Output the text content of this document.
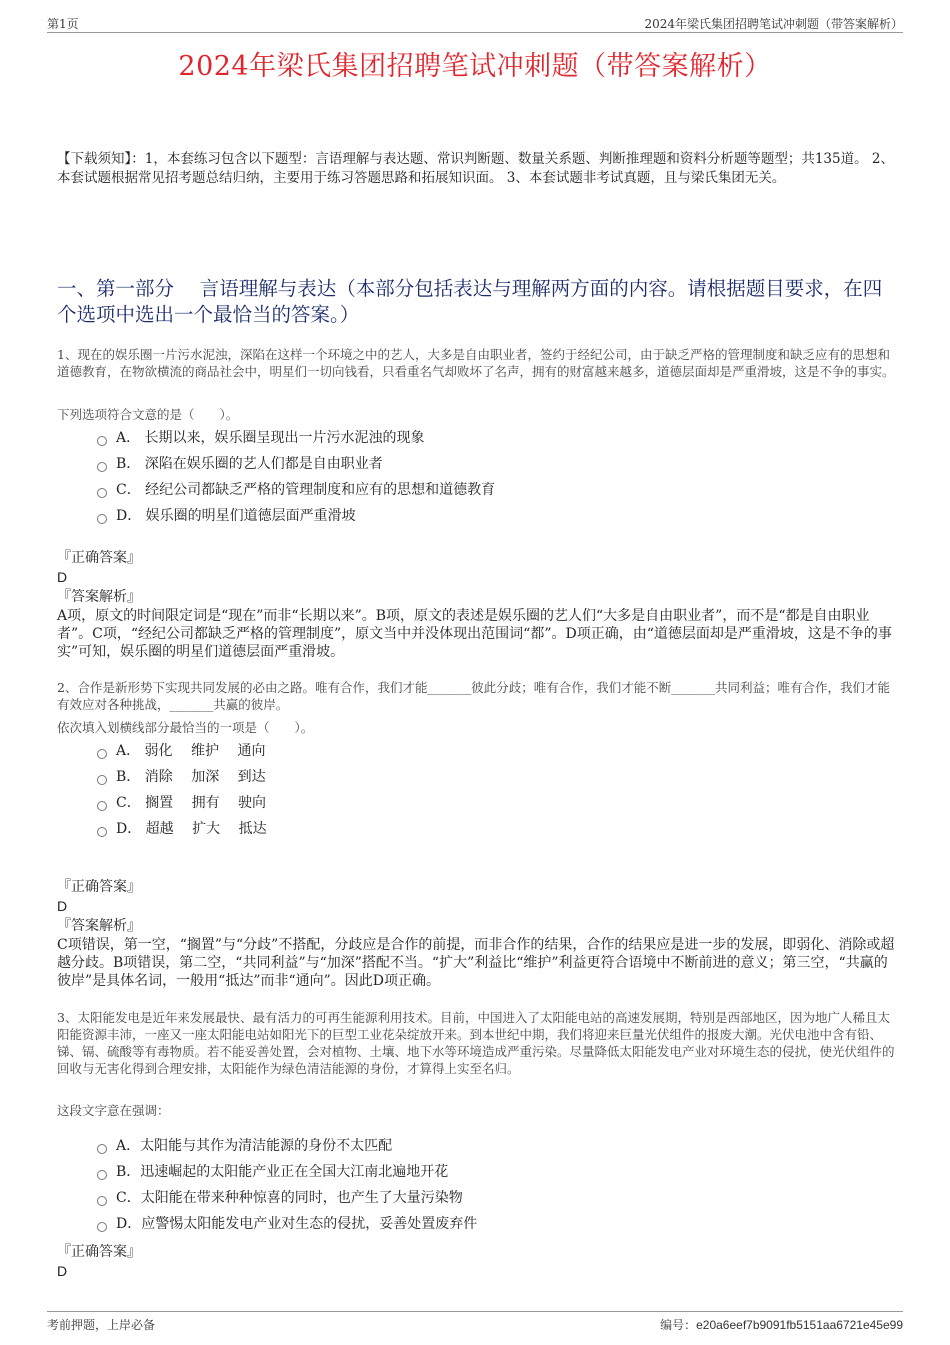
第1页	2024年梁氏集团招聘笔试冲刺题（带答案解析）
2024年梁氏集团招聘笔试冲刺题（带答案解析）
【下载须知】：1，本套练习包含以下题型：言语理解与表达题、常识判断题、数量关系题、判断推理题和资料分析题等题型；共135道。 2、本套试题根据常见招考题总结归纳，主要用于练习答题思路和拓展知识面。 3、本套试题非考试真题，且与梁氏集团无关。
一、第一部分　 言语理解与表达（本部分包括表达与理解两方面的内容。请根据题目要求，在四个选项中选出一个最恰当的答案。）
1、现在的娱乐圈一片污水泥浊，深陷在这样一个环境之中的艺人，大多是自由职业者，签约于经纪公司，由于缺乏严格的管理制度和缺乏应有的思想和道德教育，在物欲横流的商品社会中，明星们一切向钱看，只看重名气却败坏了名声，拥有的财富越来越多，道德层面却是严重滑坡，这是不争的事实。
下列选项符合文意的是（　　）。
A． 长期以来，娱乐圈呈现出一片污水泥浊的现象
B． 深陷在娱乐圈的艺人们都是自由职业者
C． 经纪公司都缺乏严格的管理制度和应有的思想和道德教育
D． 娱乐圈的明星们道德层面严重滑坡
『正确答案』
D
『答案解析』
A项，原文的时间限定词是“现在”而非“长期以来”。B项，原文的表述是娱乐圈的艺人们“大多是自由职业者”，而不是“都是自由职业者”。C项，“经纪公司都缺乏严格的管理制度”，原文当中并没体现出范围词“都”。D项正确，由“道德层面却是严重滑坡，这是不争的事实”可知，娱乐圈的明星们道德层面严重滑坡。
2、合作是新形势下实现共同发展的必由之路。唯有合作，我们才能_______彼此分歧；唯有合作，我们才能不断_______共同利益；唯有合作，我们才能有效应对各种挑战，_______共赢的彼岸。
依次填入划横线部分最恰当的一项是（　　）。
A． 弱化　 维护　 通向
B． 消除　 加深　 到达
C． 搁置　 拥有　 驶向
D． 超越　 扩大　 抵达
『正确答案』
D
『答案解析』
C项错误，第一空，“搁置”与“分歧”不搭配，分歧应是合作的前提，而非合作的结果，合作的结果应是进一步的发展，即弱化、消除或超越分歧。B项错误，第二空，“共同利益”与“加深”搭配不当。“扩大”利益比“维护”利益更符合语境中不断前进的意义；第三空，“共赢的彼岸”是具体名词，一般用“抵达”而非“通向”。因此D项正确。
3、太阳能发电是近年来发展最快、最有活力的可再生能源利用技术。目前，中国进入了太阳能电站的高速发展期，特别是西部地区，因为地广人稀且太阳能资源丰沛，一座又一座太阳能电站如阳光下的巨型工业花朵绽放开来。到本世纪中期，我们将迎来巨量光伏组件的报废大潮。光伏电池中含有铅、锑、镉、硫酸等有毒物质。若不能妥善处置，会对植物、土壤、地下水等环境造成严重污染。尽量降低太阳能发电产业对环境生态的侵扰，使光伏组件的回收与无害化得到合理安排，太阳能作为绿色清洁能源的身份，才算得上实至名归。
这段文字意在强调：
A．太阳能与其作为清洁能源的身份不太匹配
B．迅速崛起的太阳能产业正在全国大江南北遍地开花
C．太阳能在带来种种惊喜的同时，也产生了大量污染物
D．应警惕太阳能发电产业对生态的侵扰，妥善处置废弃件
『正确答案』
D
考前押题，上岸必备	编号：e20a6eef7b9091fb5151aa6721e45e99
